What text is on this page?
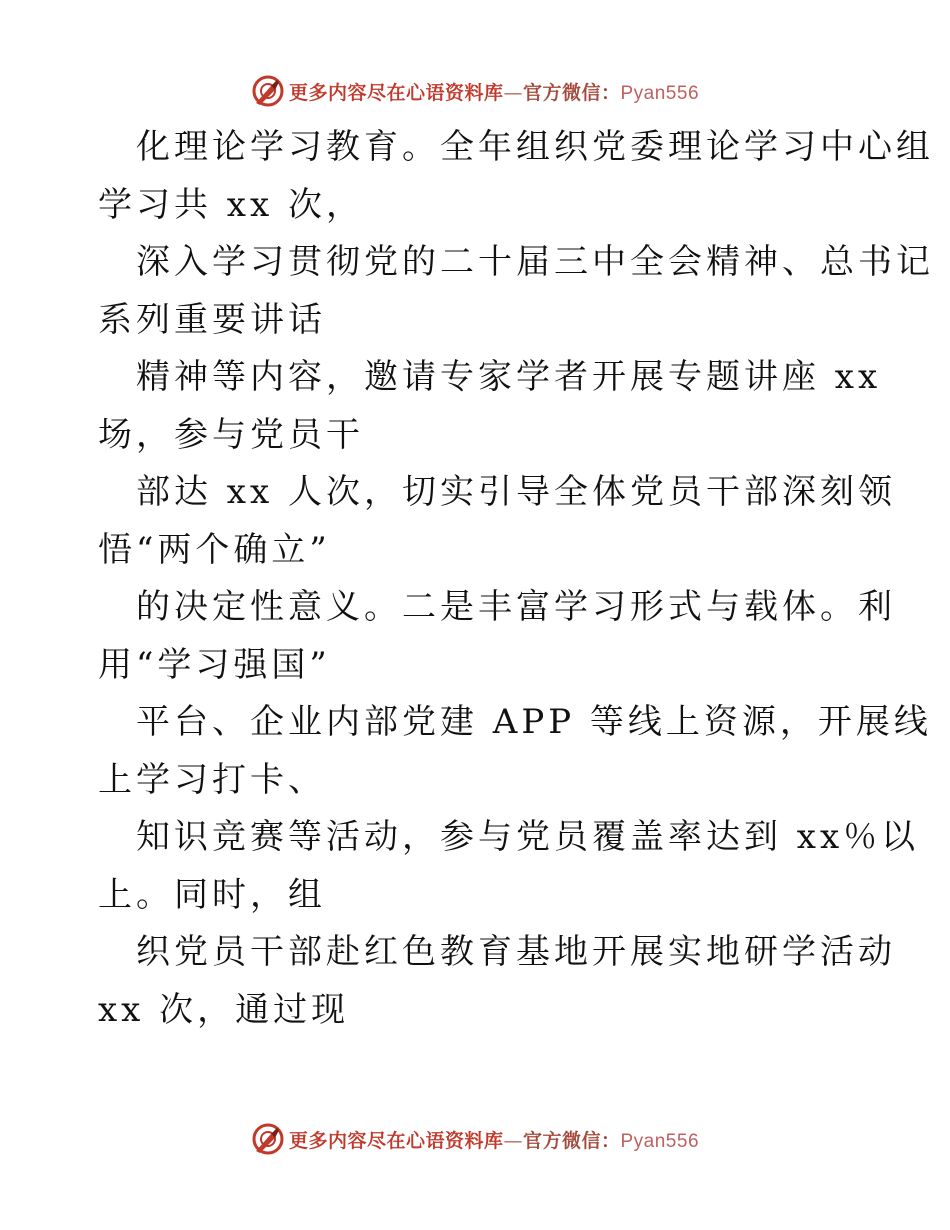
更多内容尽在心语资料库—官方微信：Pyan556
化理论学习教育。全年组织党委理论学习中心组
学习共 xx 次，
深入学习贯彻党的二十届三中全会精神、总书记
系列重要讲话
精神等内容，邀请专家学者开展专题讲座 xx
场，参与党员干
部达 xx 人次，切实引导全体党员干部深刻领
悟“两个确立”
的决定性意义。二是丰富学习形式与载体。利
用“学习强国”
平台、企业内部党建 APP 等线上资源，开展线
上学习打卡、
知识竞赛等活动，参与党员覆盖率达到 xx％以
上。同时，组
织党员干部赴红色教育基地开展实地研学活动
xx 次，通过现
更多内容尽在心语资料库—官方微信：Pyan556
